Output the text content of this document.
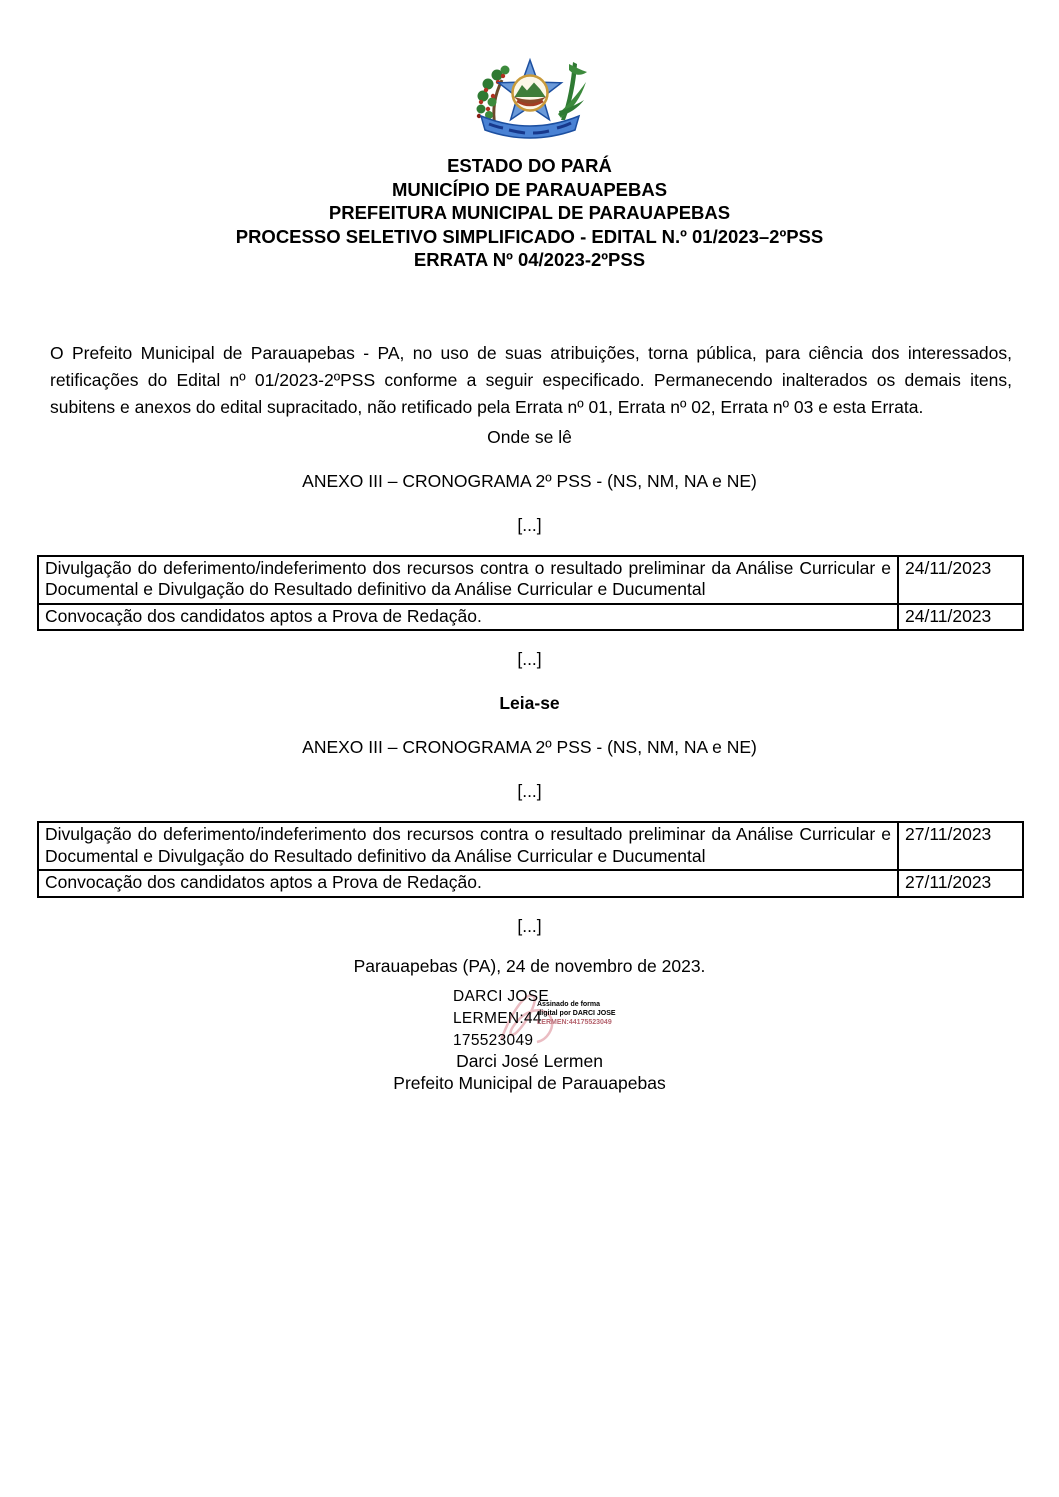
ESTADO DO PARÁ
MUNICÍPIO DE PARAUAPEBAS
PREFEITURA MUNICIPAL DE PARAUAPEBAS
PROCESSO SELETIVO SIMPLIFICADO - EDITAL N.º 01/2023–2ºPSS
ERRATA Nº 04/2023-2ºPSS

O Prefeito Municipal de Parauapebas - PA, no uso de suas atribuições, torna pública, para ciência dos interessados, retificações do Edital nº 01/2023-2ºPSS conforme a seguir especificado. Permanecendo inalterados os demais itens, subitens e anexos do edital supracitado, não retificado pela Errata nº 01, Errata nº 02, Errata nº 03 e esta Errata.

Onde se lê
ANEXO III – CRONOGRAMA 2º PSS - (NS, NM, NA e NE)
[...]
Divulgação do deferimento/indeferimento dos recursos contra o resultado preliminar da Análise Curricular e Documental e Divulgação do Resultado definitivo da Análise Curricular e Ducumental	24/11/2023
Convocação dos candidatos aptos a Prova de Redação.	24/11/2023
[...]
Leia-se
ANEXO III – CRONOGRAMA 2º PSS - (NS, NM, NA e NE)
[...]
Divulgação do deferimento/indeferimento dos recursos contra o resultado preliminar da Análise Curricular e Documental e Divulgação do Resultado definitivo da Análise Curricular e Ducumental	27/11/2023
Convocação dos candidatos aptos a Prova de Redação.	27/11/2023
[...]
Parauapebas (PA), 24 de novembro de 2023.
DARCI JOSE
LERMEN:44
175523049
Assinado de forma
digital por DARCI JOSE
LERMEN:44175523049
Darci José Lermen
Prefeito Municipal de Parauapebas
